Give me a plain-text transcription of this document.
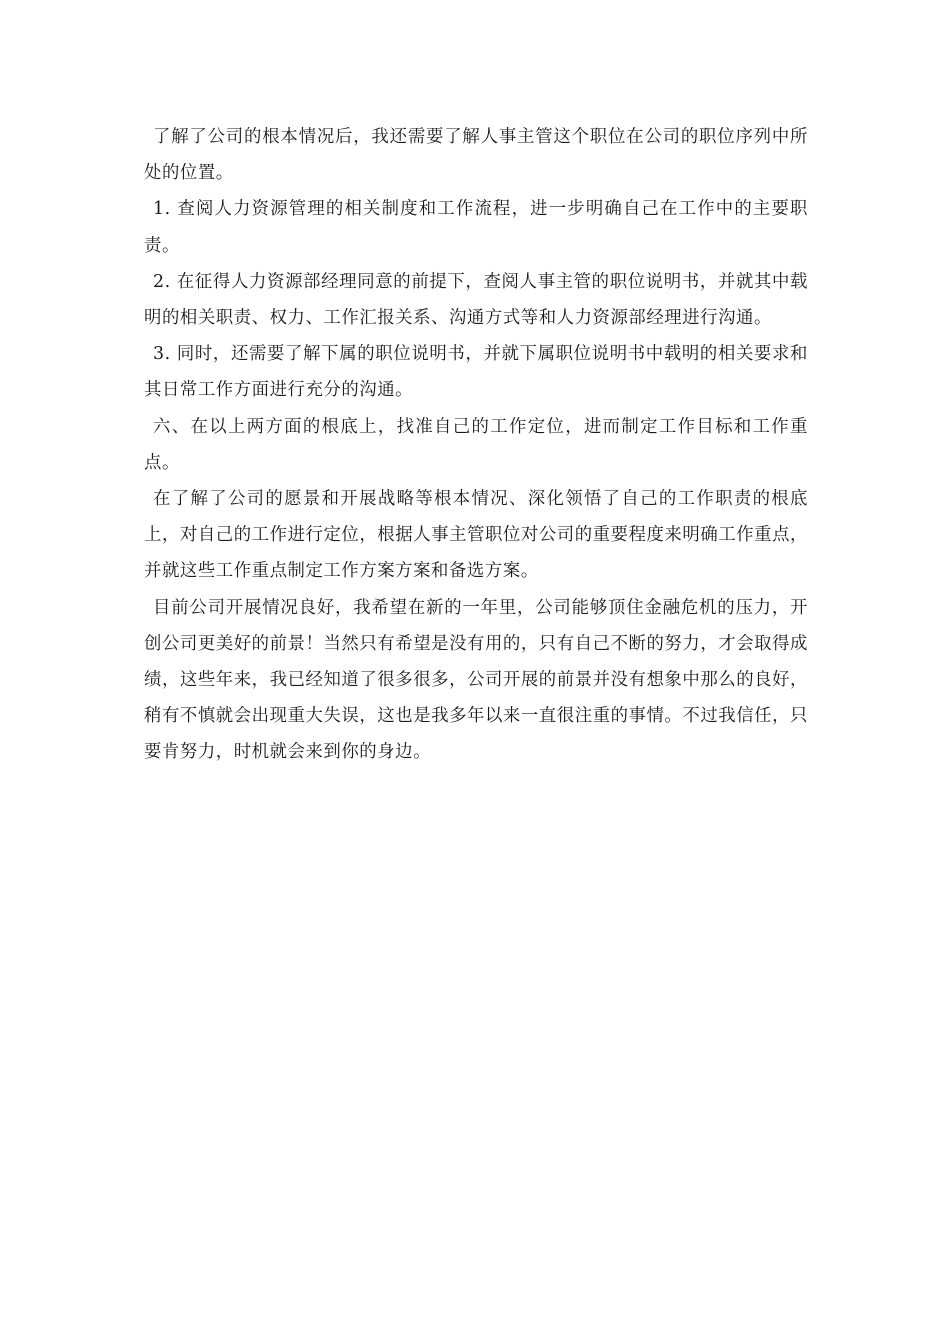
了解了公司的根本情况后，我还需要了解人事主管这个职位在公司的职位序列中所处的位置。

1. 查阅人力资源管理的相关制度和工作流程，进一步明确自己在工作中的主要职责。

2. 在征得人力资源部经理同意的前提下，查阅人事主管的职位说明书，并就其中载明的相关职责、权力、工作汇报关系、沟通方式等和人力资源部经理进行沟通。

3. 同时，还需要了解下属的职位说明书，并就下属职位说明书中载明的相关要求和其日常工作方面进行充分的沟通。

六、在以上两方面的根底上，找准自己的工作定位，进而制定工作目标和工作重点。

在了解了公司的愿景和开展战略等根本情况、深化领悟了自己的工作职责的根底上，对自己的工作进行定位，根据人事主管职位对公司的重要程度来明确工作重点，并就这些工作重点制定工作方案方案和备选方案。

目前公司开展情况良好，我希望在新的一年里，公司能够顶住金融危机的压力，开创公司更美好的前景！当然只有希望是没有用的，只有自己不断的努力，才会取得成绩，这些年来，我已经知道了很多很多，公司开展的前景并没有想象中那么的良好，稍有不慎就会出现重大失误，这也是我多年以来一直很注重的事情。不过我信任，只要肯努力，时机就会来到你的身边。
